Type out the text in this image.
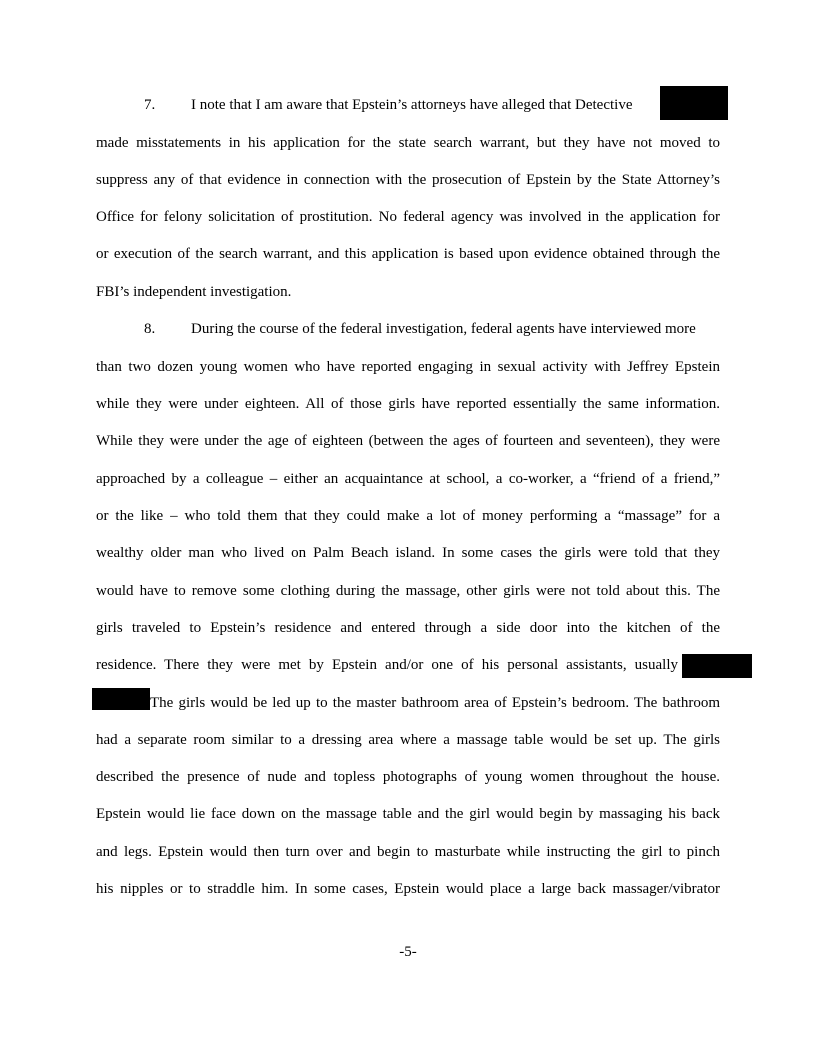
7. I note that I am aware that Epstein’s attorneys have alleged that Detective
made misstatements in his application for the state search warrant, but they have not moved to
suppress any of that evidence in connection with the prosecution of Epstein by the State Attorney’s
Office for felony solicitation of prostitution. No federal agency was involved in the application for
or execution of the search warrant, and this application is based upon evidence obtained through the
FBI’s independent investigation.
8. During the course of the federal investigation, federal agents have interviewed more
than two dozen young women who have reported engaging in sexual activity with Jeffrey Epstein
while they were under eighteen. All of those girls have reported essentially the same information.
While they were under the age of eighteen (between the ages of fourteen and seventeen), they were
approached by a colleague – either an acquaintance at school, a co-worker, a “friend of a friend,”
or the like – who told them that they could make a lot of money performing a “massage” for a
wealthy older man who lived on Palm Beach island. In some cases the girls were told that they
would have to remove some clothing during the massage, other girls were not told about this. The
girls traveled to Epstein’s residence and entered through a side door into the kitchen of the
residence. There they were met by Epstein and/or one of his personal assistants, usually
The girls would be led up to the master bathroom area of Epstein’s bedroom. The bathroom
had a separate room similar to a dressing area where a massage table would be set up. The girls
described the presence of nude and topless photographs of young women throughout the house.
Epstein would lie face down on the massage table and the girl would begin by massaging his back
and legs. Epstein would then turn over and begin to masturbate while instructing the girl to pinch
his nipples or to straddle him. In some cases, Epstein would place a large back massager/vibrator
-5-
